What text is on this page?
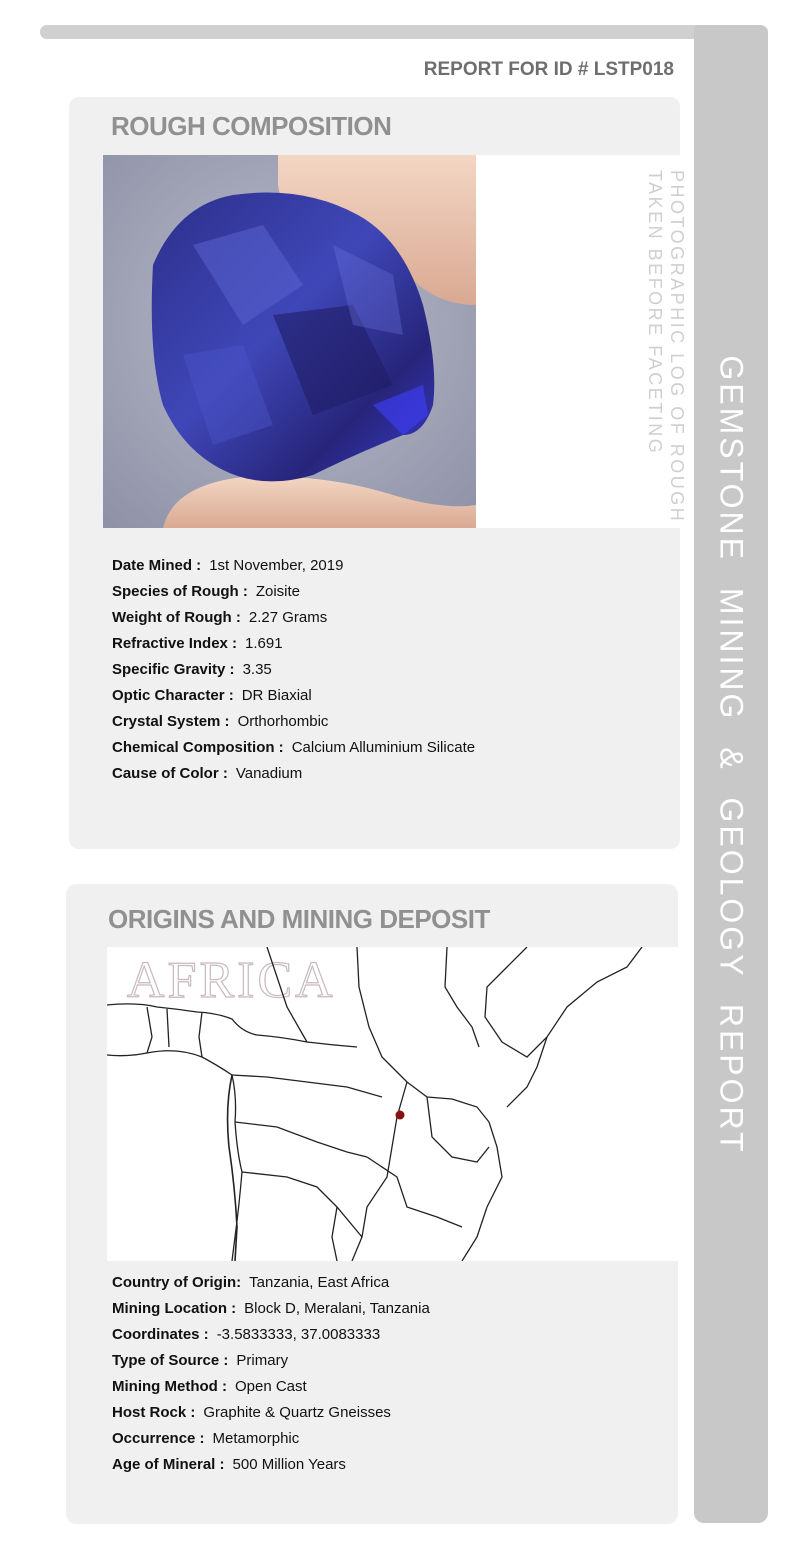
GEMSTONE MINING & GEOLOGY REPORT
REPORT FOR ID # LSTP018
ROUGH COMPOSITION
PHOTOGRAPHIC LOG OF ROUGH
TAKEN BEFORE FACETING
Date Mined : 1st November, 2019
Species of Rough : Zoisite
Weight of Rough : 2.27 Grams
Refractive Index : 1.691
Specific Gravity : 3.35
Optic Character : DR Biaxial
Crystal System : Orthorhombic
Chemical Composition : Calcium Alluminium Silicate
Cause of Color : Vanadium
ORIGINS AND MINING DEPOSIT
AFRICA
Country of Origin: Tanzania, East Africa
Mining Location : Block D, Meralani, Tanzania
Coordinates : -3.5833333, 37.0083333
Type of Source : Primary
Mining Method : Open Cast
Host Rock : Graphite & Quartz Gneisses
Occurrence : Metamorphic
Age of Mineral : 500 Million Years
